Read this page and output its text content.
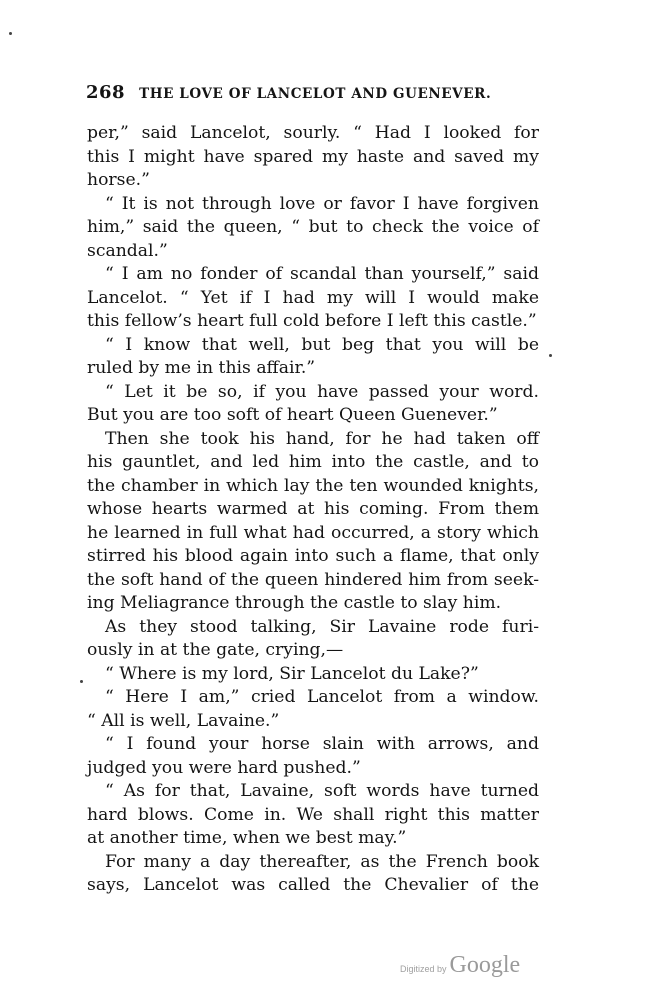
268 THE LOVE OF LANCELOT AND GUENEVER.
per,” said Lancelot, sourly. “ Had I looked for
this I might have spared my haste and saved my
horse.”
“ It is not through love or favor I have forgiven
him,” said the queen, “ but to check the voice of
scandal.”
“ I am no fonder of scandal than yourself,” said
Lancelot. “ Yet if I had my will I would make
this fellow’s heart full cold before I left this castle.”
“ I know that well, but beg that you will be
ruled by me in this affair.”
“ Let it be so, if you have passed your word.
But you are too soft of heart Queen Guenever.”
Then she took his hand, for he had taken off
his gauntlet, and led him into the castle, and to
the chamber in which lay the ten wounded knights,
whose hearts warmed at his coming. From them
he learned in full what had occurred, a story which
stirred his blood again into such a flame, that only
the soft hand of the queen hindered him from seek-
ing Meliagrance through the castle to slay him.
As they stood talking, Sir Lavaine rode furi-
ously in at the gate, crying,—
“ Where is my lord, Sir Lancelot du Lake?”
“ Here I am,” cried Lancelot from a window.
“ All is well, Lavaine.”
“ I found your horse slain with arrows, and
judged you were hard pushed.”
“ As for that, Lavaine, soft words have turned
hard blows. Come in. We shall right this matter
at another time, when we best may.”
For many a day thereafter, as the French book
says, Lancelot was called the Chevalier of the
Digitized by Google
